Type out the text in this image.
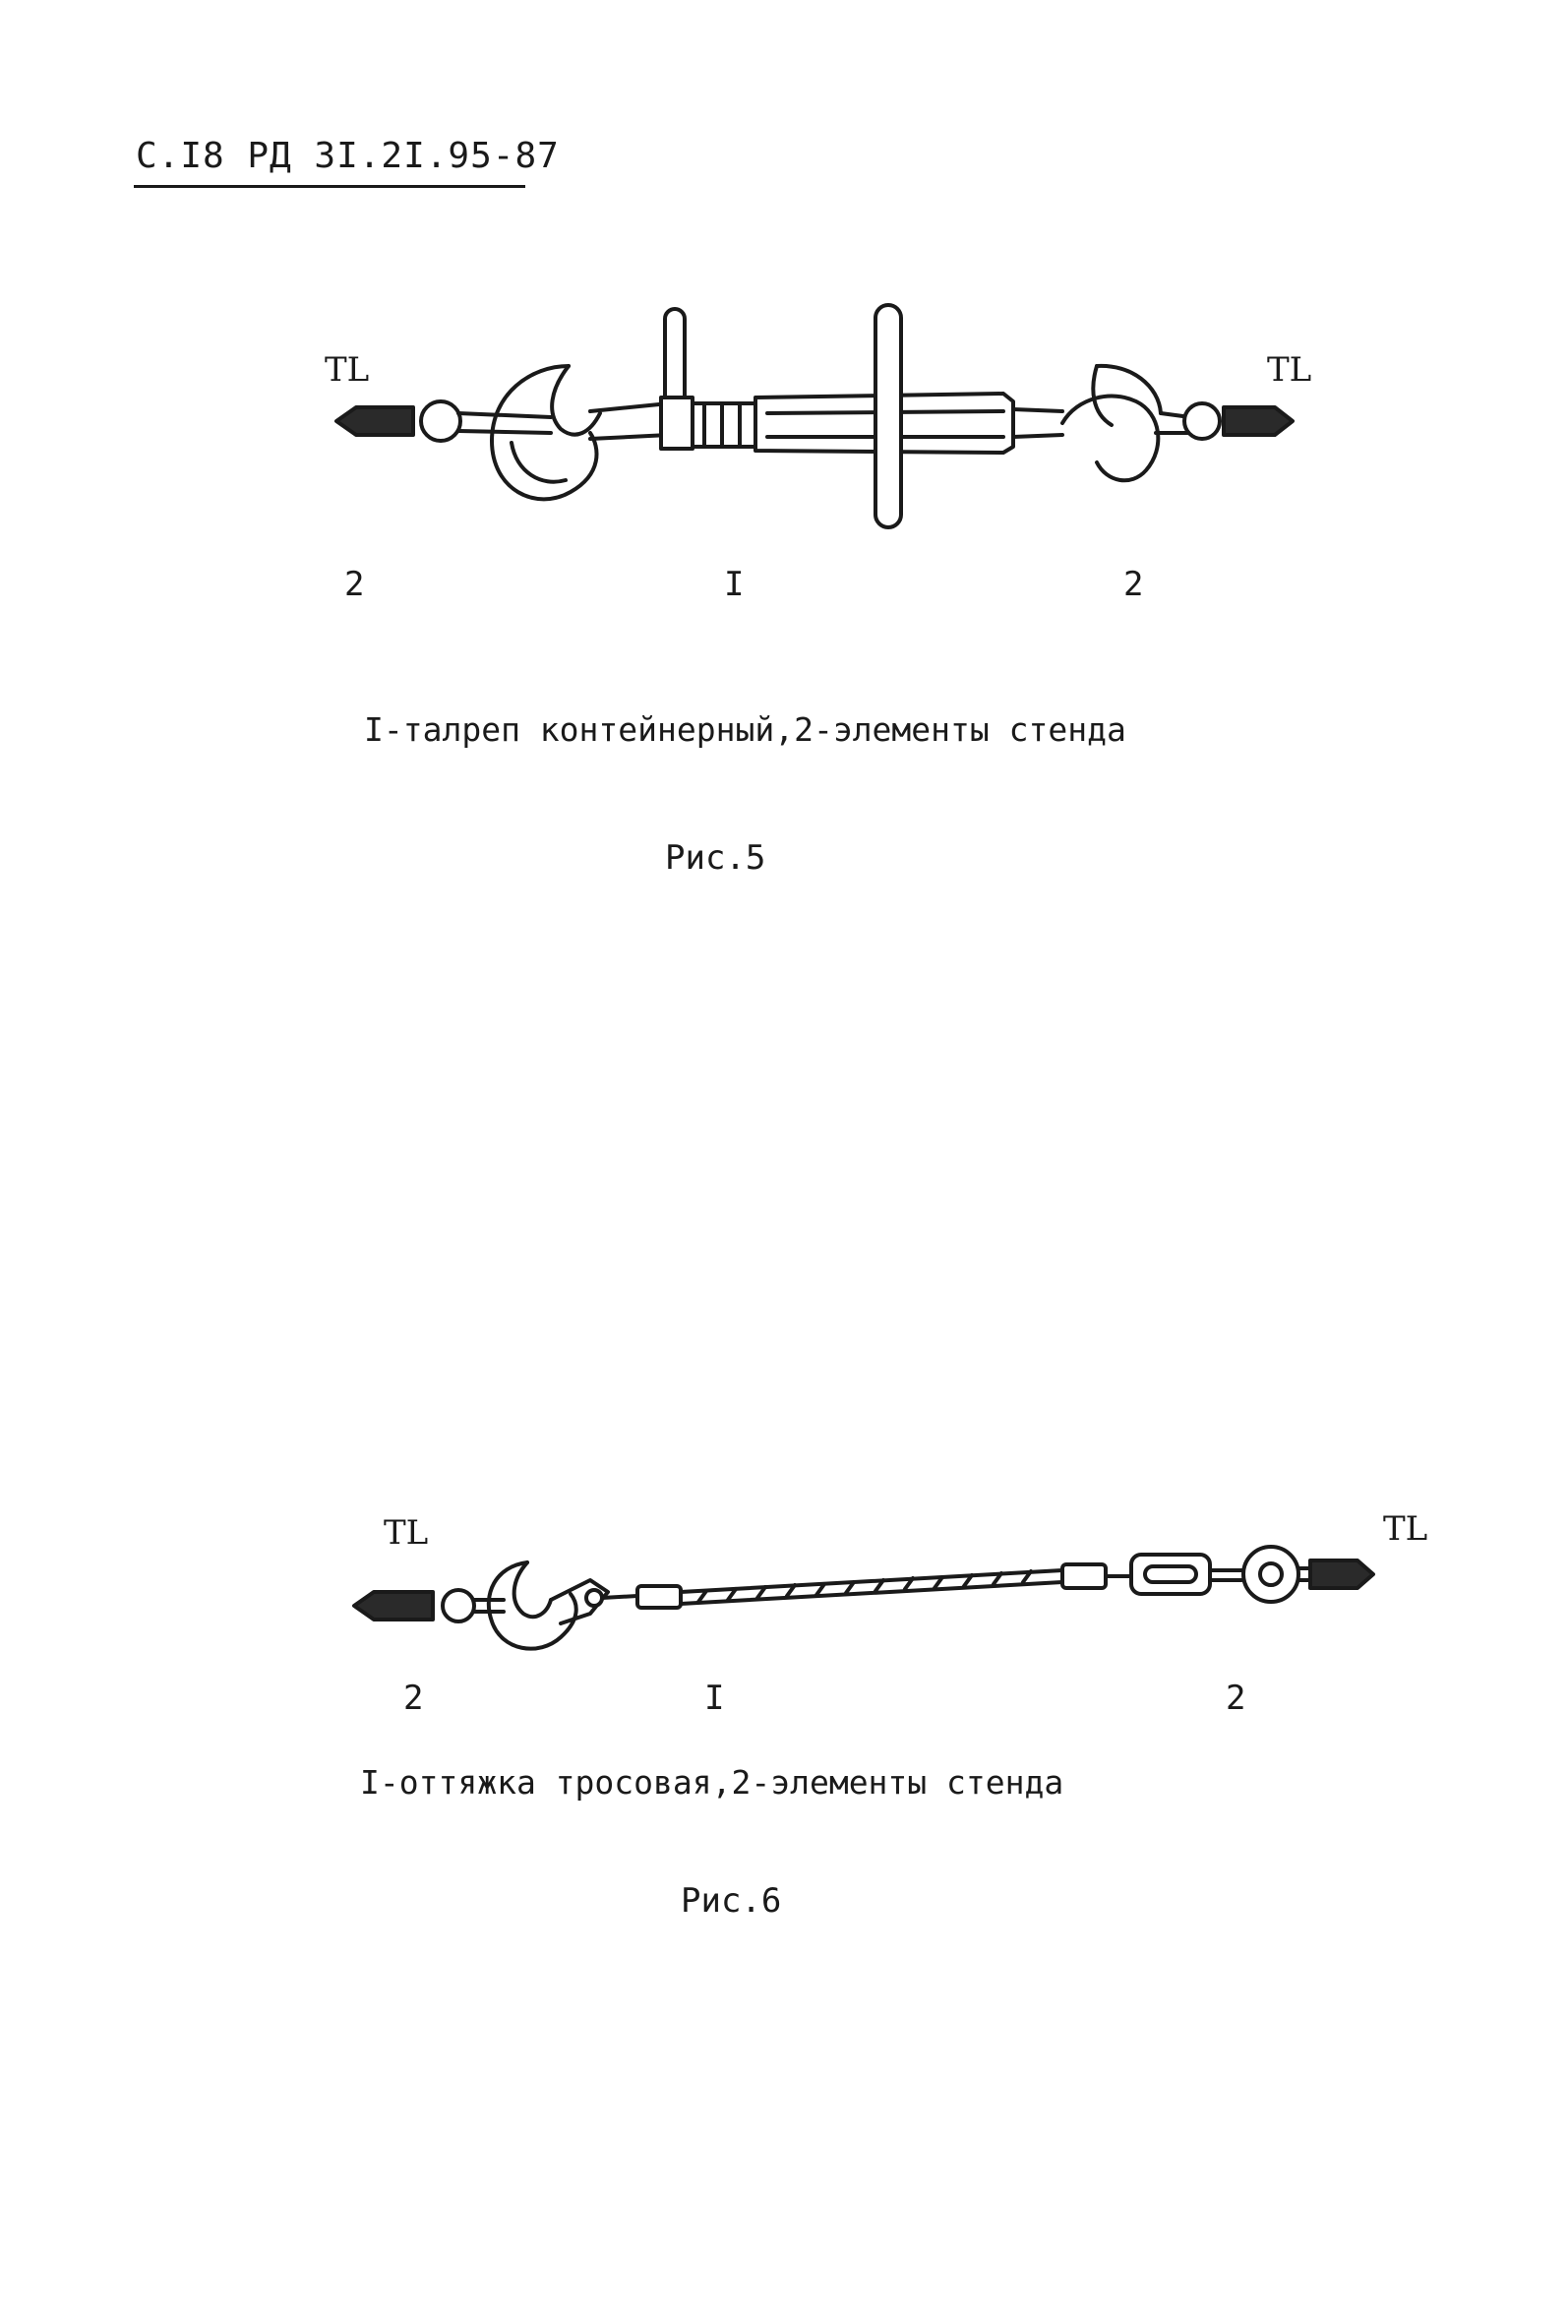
С.I8 РД 3I.2I.95-87
TL	TL
2	I	2
I-талреп контейнерный,2-элементы стенда
Рис.5
TL	TL
2	I	2
I-оттяжка тросовая,2-элементы стенда
Рис.6
